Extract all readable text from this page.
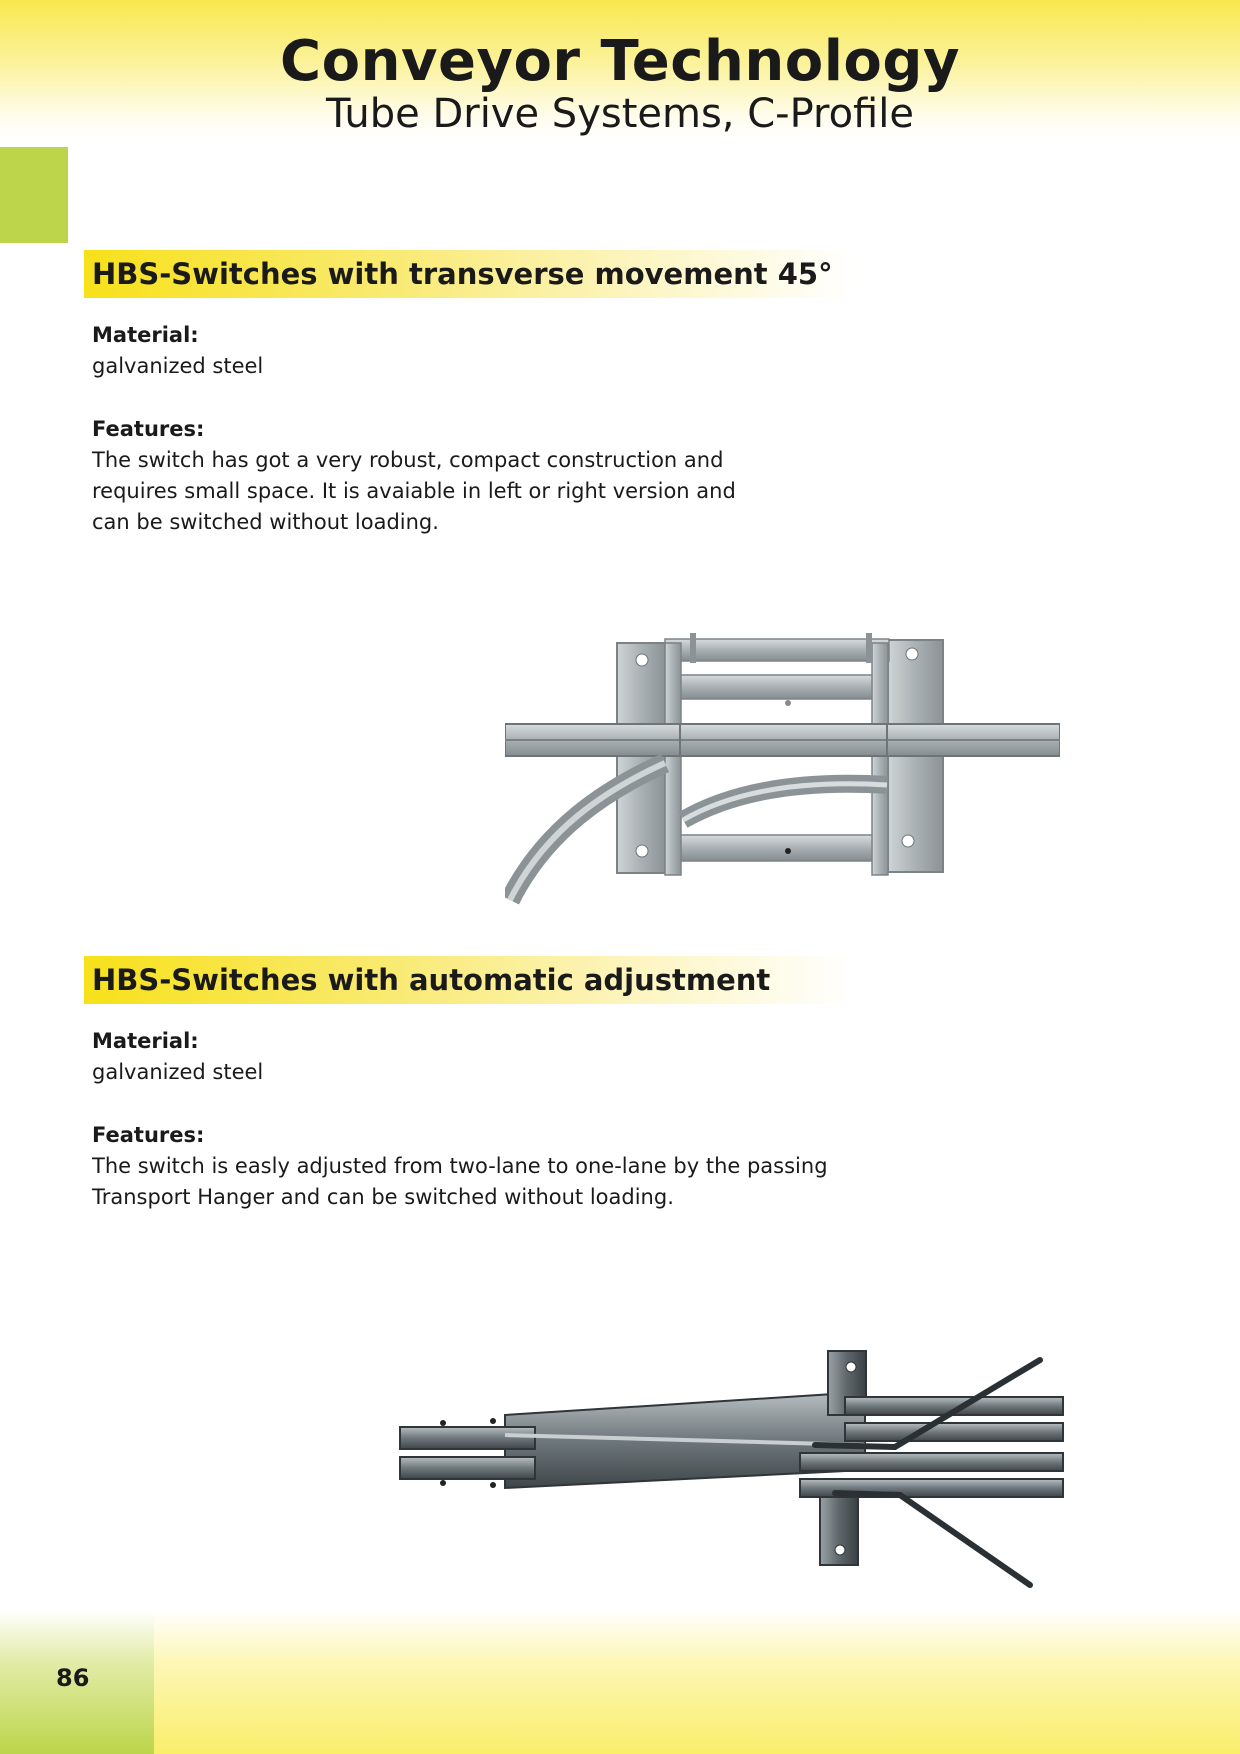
Conveyor Technology
Tube Drive Systems, C-Profile
HBS-Switches with transverse movement 45°
Material:
galvanized steel
Features:

The switch has got a very robust, compact construction and

requires small space. It is avaiable in left or right version and

can be switched without loading.

HBS-Switches with automatic adjustment
Material:
galvanized steel
Features:

The switch is easly adjusted from two-lane to one-lane by the passing

Transport Hanger and can be switched without loading.

86
